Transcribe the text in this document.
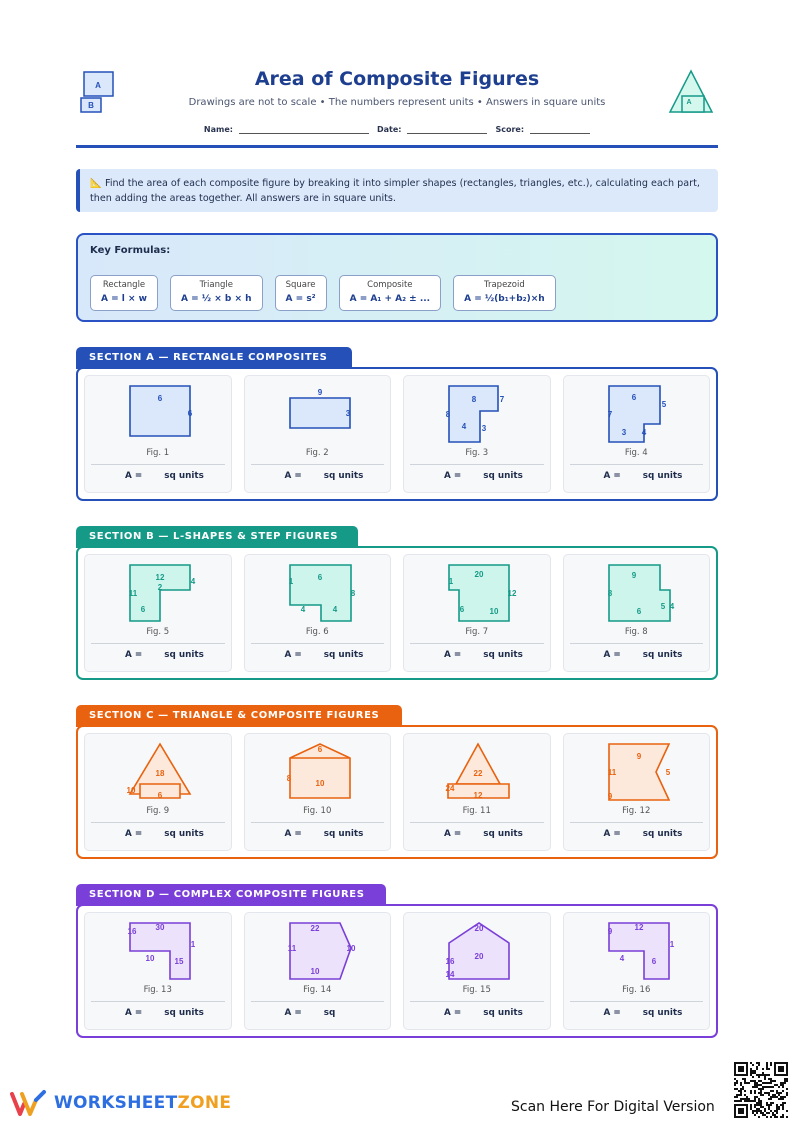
A
B
Area of Composite Figures
Drawings are not to scale • The numbers represent units • Answers in square units
Name:	Date:	Score:
A
📐 Find the area of each composite figure by breaking it into simpler shapes (rectangles, triangles, etc.), calculating each part, then adding the areas together. All answers are in square units.
Key Formulas:
Rectangle
A = l × w
Triangle
A = ½ × b × h
Square
A = s²
Composite
A = A₁ + A₂ ± ...
Trapezoid
A = ½(b₁+b₂)×h
SECTION A — RECTANGLE COMPOSITES
6
6
Fig. 1
A =	sq units
9
3
Fig. 2
A =	sq units
8	7
8
4 3
Fig. 3
A =	sq units
6
5
7
3 4
Fig. 4
A =	sq units
SECTION B — L-SHAPES & STEP FIGURES
12	4
2
11
6
Fig. 5
A =	sq units
6
8
1
4	4
Fig. 6
A =	sq units
20
12
1
6	10
Fig. 7
A =	sq units
9
8
6
5 4
Fig. 8
A =	sq units
SECTION C — TRIANGLE & COMPOSITE FIGURES
18
10
6
Fig. 9
A =	sq units
6
8
10
Fig. 10
A =	sq units
22
24
12
Fig. 11
A =	sq units
9
11	5
9
Fig. 12
A =	sq units
SECTION D — COMPLEX COMPOSITE FIGURES
16 30
1
10	15
Fig. 13
A =	sq units
22
11	10
10
Fig. 14
A =	sq
20
16
20
14
Fig. 15
A =	sq units
9	12
1
4	6
Fig. 16
A =	sq units
WORKSHEET ZONE	Scan Here For Digital Version
